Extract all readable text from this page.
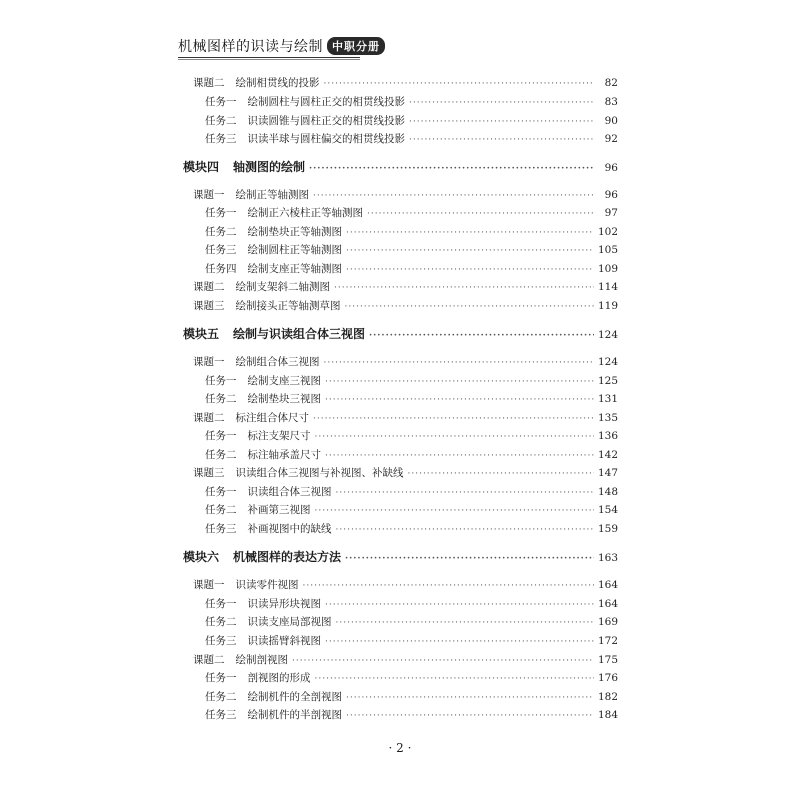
机械图样的识读与绘制 中职分册
课题二 绘制相贯线的投影 ·····	82
任务一 绘制圆柱与圆柱正交的相贯线投影 ·····	83
任务二 识读圆锥与圆柱正交的相贯线投影 ·····	90
任务三 识读半球与圆柱偏交的相贯线投影 ·····	92
模块四 轴测图的绘制 ·····	96
课题一 绘制正等轴测图 ·····	96
任务一 绘制正六棱柱正等轴测图 ·····	97
任务二 绘制垫块正等轴测图 ·····	102
任务三 绘制圆柱正等轴测图 ·····	105
任务四 绘制支座正等轴测图 ·····	109
课题二 绘制支架斜二轴测图 ·····	114
课题三 绘制接头正等轴测草图 ·····	119
模块五 绘制与识读组合体三视图 ·····	124
课题一 绘制组合体三视图 ·····	124
任务一 绘制支座三视图 ·····	125
任务二 绘制垫块三视图 ·····	131
课题二 标注组合体尺寸 ·····	135
任务一 标注支架尺寸 ·····	136
任务二 标注轴承盖尺寸 ·····	142
课题三 识读组合体三视图与补视图、补缺线 ·····	147
任务一 识读组合体三视图 ·····	148
任务二 补画第三视图 ·····	154
任务三 补画视图中的缺线 ·····	159
模块六 机械图样的表达方法 ·····	163
课题一 识读零件视图 ·····	164
任务一 识读异形块视图 ·····	164
任务二 识读支座局部视图 ·····	169
任务三 识读摇臂斜视图 ·····	172
课题二 绘制剖视图 ·····	175
任务一 剖视图的形成 ·····	176
任务二 绘制机件的全剖视图 ·····	182
任务三 绘制机件的半剖视图 ·····	184
· 2 ·
